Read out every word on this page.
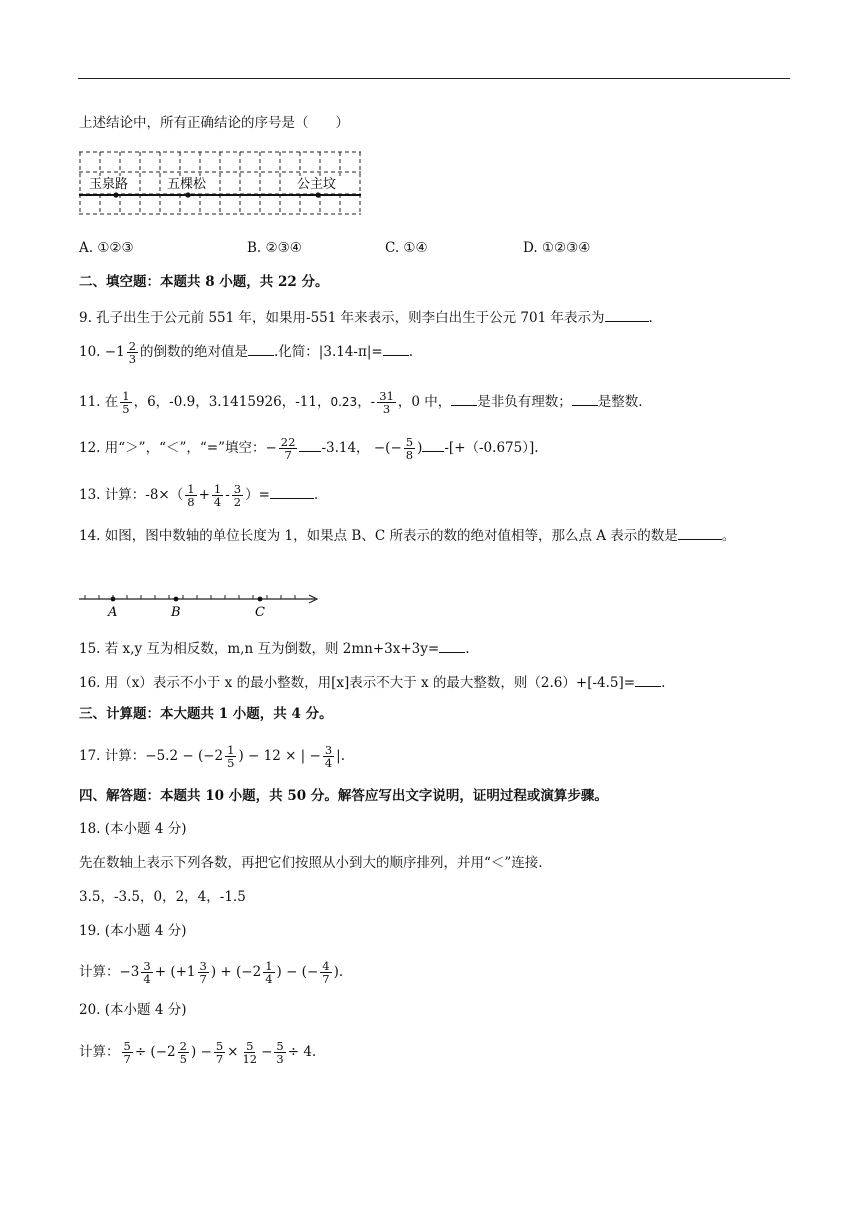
上述结论中，所有正确结论的序号是（　　）
玉泉路	五棵松	公主坟
A. ①②③	B. ②③④	C. ①④	D. ①②③④
二、填空题：本题共 8 小题，共 22 分。
9. 孔子出生于公元前 551 年，如果用-551 年来表示，则李白出生于公元 701 年表示为	.
10. $-1 \frac{2}{3}$ 的倒数的绝对值是 .化简：|3.14-π|= .
11. 在 $\frac{1}{5}$ ，6，-0.9，3.1415926，-11，0.23，- $\frac{31}{3}$ ，0 中， 是非负有理数； 是整数.
12. 用“＞”，“＜”，“=”填空：− $\frac{22}{7} -3.14$， −(− $\frac{5}{8}$ ) -[+（-0.675）].
13. 计算：$-8\times( \frac{1}{8} + \frac{1}{4} - \frac{3}{2}$ ）=	.
14. 如图，图中数轴的单位长度为 1，如果点 B、C 所表示的数的绝对值相等，那么点 A 表示的数是	。
A	B	C
15. 若 x,y 互为相反数，m,n 互为倒数，则 2mn+3x+3y= .
16. 用（x）表示不小于 x 的最小整数，用[x]表示不大于 x 的最大整数，则（2.6）+[-4.5]= .
三、计算题：本大题共 1 小题，共 4 分。
17. 计算：$-5.2 - (-2 \frac{1}{5}$ ) − 12 × | − $\frac{3}{4}$ |.
四、解答题：本题共 10 小题，共 50 分。解答应写出文字说明，证明过程或演算步骤。
18. (本小题 4 分)
先在数轴上表示下列各数，再把它们按照从小到大的顺序排列，并用“＜”连接.
3.5，-3.5，0，2，4，-1.5
19. (本小题 4 分)
计算：$-3 \frac{3}{4} + (+1 \frac{3}{7}$ ) + ($-2 \frac{1}{4}$ ) − (− $\frac{4}{7}$ ).
20. (本小题 4 分)
计算： $\frac{5}{7} \div (-2 \frac{2}{5}$ ) − $\frac{5}{7} \times \frac{5}{12} - \frac{5}{3} \div 4$.
